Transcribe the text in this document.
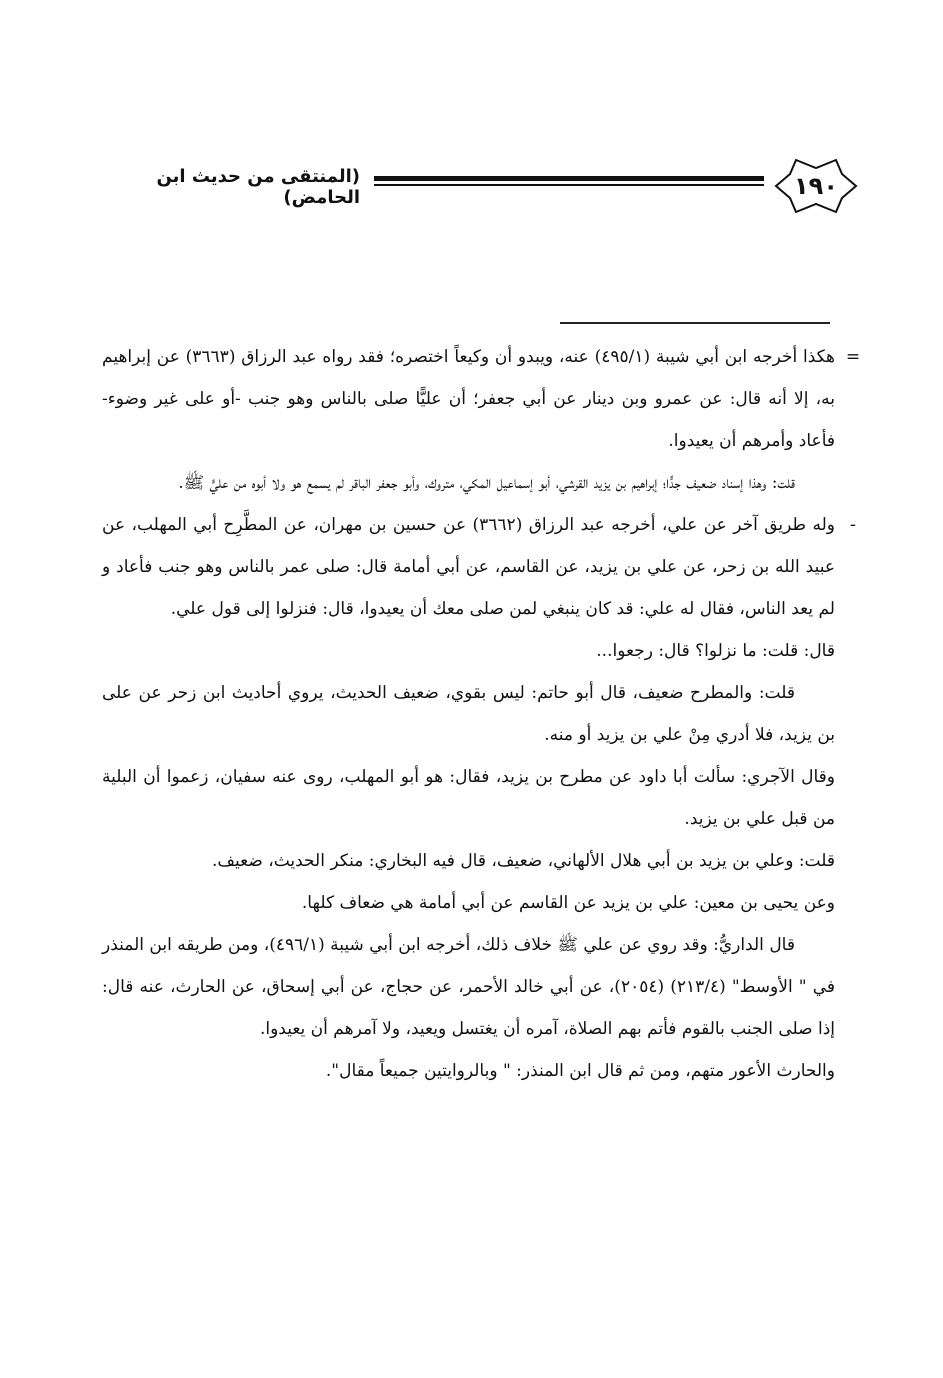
١٩٠
(المنتقى من حديث ابن الحامض)

=
هكذا أخرجه ابن أبي شيبة (٤٩٥/١) عنه، ويبدو أن وكيعاً اختصره؛ فقد رواه عبد الرزاق (٣٦٦٣) عن إبراهيم به، إلا أنه قال: عن عمرو وبن دينار عن أبي جعفر؛ أن عليًّا صلى بالناس وهو جنب -أو على غير وضوء- فأعاد وأمرهم أن يعيدوا.

قلت: وهذا إسناد ضعيف جدًّا؛ إبراهيم بن يزيد القرشي، أبو إسماعيل المكي، متروك، وأبو جعفر الباقر لم يسمع هو ولا أبوه من عليٍّ ﷺ.

-
وله طريق آخر عن علي، أخرجه عبد الرزاق (٣٦٦٢) عن حسين بن مهران، عن المطَّرِح أبي المهلب، عن عبيد الله بن زحر، عن علي بن يزيد، عن القاسم، عن أبي أمامة قال: صلى عمر بالناس وهو جنب فأعاد و لم يعد الناس، فقال له علي: قد كان ينبغي لمن صلى معك أن يعيدوا، قال: فنزلوا إلى قول علي.

قال: قلت: ما نزلوا؟ قال: رجعوا...

قلت: والمطرح ضعيف، قال أبو حاتم: ليس بقوي، ضعيف الحديث، يروي أحاديث ابن زحر عن على بن يزيد، فلا أدري مِنْ علي بن يزيد أو منه.

وقال الآجري: سألت أبا داود عن مطرح بن يزيد، فقال: هو أبو المهلب، روى عنه سفيان، زعموا أن البلية من قبل علي بن يزيد.

قلت: وعلي بن يزيد بن أبي هلال الألهاني، ضعيف، قال فيه البخاري: منكر الحديث، ضعيف.

وعن يحيى بن معين: علي بن يزيد عن القاسم عن أبي أمامة هي ضعاف كلها.

قال الداريُّ: وقد روي عن علي ﷺ خلاف ذلك، أخرجه ابن أبي شيبة (٤٩٦/١)، ومن طريقه ابن المنذر في " الأوسط" (٢١٣/٤) (٢٠٥٤)، عن أبي خالد الأحمر، عن حجاج، عن أبي إسحاق، عن الحارث، عنه قال: إذا صلى الجنب بالقوم فأتم بهم الصلاة، آمره أن يغتسل ويعيد، ولا آمرهم أن يعيدوا.

والحارث الأعور متهم، ومن ثم قال ابن المنذر: " وبالروايتين جميعاً مقال".
